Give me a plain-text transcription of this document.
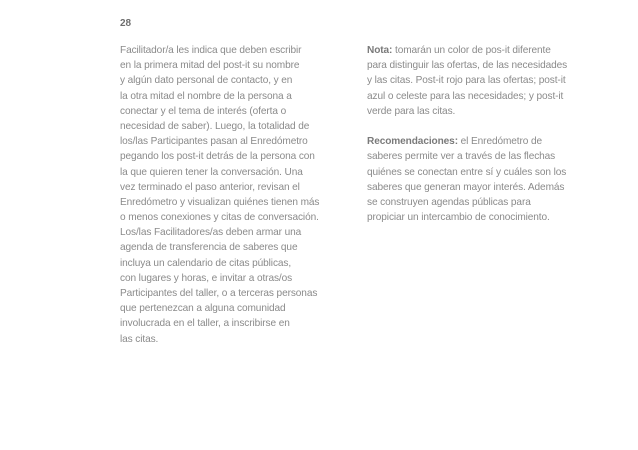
28
Facilitador/a les indica que deben escribir
en la primera mitad del post-it su nombre
y algún dato personal de contacto, y en
la otra mitad el nombre de la persona a
conectar y el tema de interés (oferta o
necesidad de saber). Luego, la totalidad de
los/las Participantes pasan al Enredómetro
pegando los post-it detrás de la persona con
la que quieren tener la conversación. Una
vez terminado el paso anterior, revisan el
Enredómetro y visualizan quiénes tienen más
o menos conexiones y citas de conversación.
Los/las Facilitadores/as deben armar una
agenda de transferencia de saberes que
incluya un calendario de citas públicas,
con lugares y horas, e invitar a otras/os
Participantes del taller, o a terceras personas
que pertenezcan a alguna comunidad
involucrada en el taller, a inscribirse en
las citas.
Nota: tomarán un color de pos-it diferente
para distinguir las ofertas, de las necesidades
y las citas. Post-it rojo para las ofertas; post-it
azul o celeste para las necesidades; y post-it
verde para las citas.
Recomendaciones: el Enredómetro de
saberes permite ver a través de las flechas
quiénes se conectan entre sí y cuáles son los
saberes que generan mayor interés. Además
se construyen agendas públicas para
propiciar un intercambio de conocimiento.
